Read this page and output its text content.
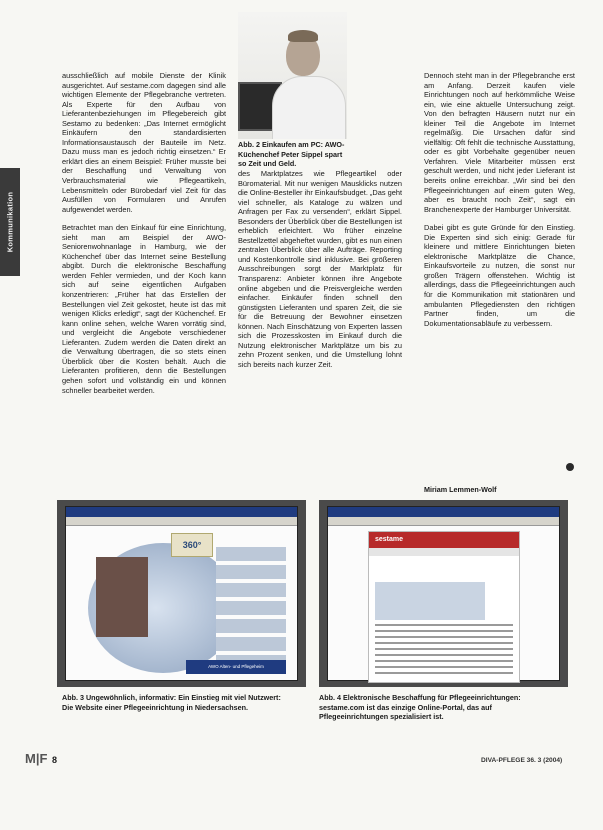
Kommunikation

ausschließlich auf mobile Dienste der Klinik ausgerichtet. Auf sestame.com dagegen sind alle wichtigen Elemente der Pflegebranche vertreten. Als Experte für den Aufbau von Lieferantenbeziehungen im Pflegebereich gibt Sestamo zu bedenken: „Das Internet ermöglicht Einkäufern den standardisierten Informationsaustausch der Bauteile im Netz. Dazu muss man es jedoch richtig einsetzen.“ Er erklärt dies an einem Beispiel: Früher musste bei der Beschaffung und Verwaltung von Verbrauchsmaterial wie Pflegeartikeln, Lebensmitteln oder Bürobedarf viel Zeit für das Ausfüllen von Formularen und Anrufen aufgewendet werden.

Betrachtet man den Einkauf für eine Einrichtung, sieht man am Beispiel der AWO-Seniorenwohnanlage in Hamburg, wie der Küchenchef über das Internet seine Bestellung abgibt. Durch die elektronische Beschaffung werden Fehler vermieden, und der Koch kann sich auf seine eigentlichen Aufgaben konzentrieren: „Früher hat das Erstellen der Bestellungen viel Zeit gekostet, heute ist das mit wenigen Klicks erledigt“, sagt der Küchenchef. Er kann online sehen, welche Waren vorrätig sind, und vergleicht die Angebote verschiedener Lieferanten. Zudem werden die Daten direkt an die Verwaltung übertragen, die so stets einen Überblick über die Kosten behält. Auch die Lieferanten profitieren, denn die Bestellungen gehen sofort und vollständig ein und können schneller bearbeitet werden.

Abb. 2 Einkaufen am PC: AWO-Küchenchef Peter Sippel spart so Zeit und Geld.

des Marktplatzes wie Pflegeartikel oder Büromaterial. Mit nur wenigen Mausklicks nutzen die Online-Besteller ihr Einkaufsbudget. „Das geht viel schneller, als Kataloge zu wälzen und Anfragen per Fax zu versenden“, erklärt Sippel. Besonders der Überblick über die Bestellungen ist erheblich erleichtert. Wo früher einzelne Bestellzettel abgeheftet wurden, gibt es nun einen zentralen Überblick über alle Aufträge. Reporting und Kostenkontrolle sind inklusive. Bei größeren Ausschreibungen sorgt der Marktplatz für Transparenz: Anbieter können ihre Angebote online abgeben und die Preisvergleiche werden einfacher. Einkäufer finden schnell den günstigsten Lieferanten und sparen Zeit, die sie für die Betreuung der Bewohner einsetzen können. Nach Einschätzung von Experten lassen sich die Prozesskosten im Einkauf durch die Nutzung elektronischer Marktplätze um bis zu zehn Prozent senken, und die Umstellung lohnt sich bereits nach kurzer Zeit.

Dennoch steht man in der Pflegebranche erst am Anfang. Derzeit kaufen viele Einrichtungen noch auf herkömmliche Weise ein, wie eine aktuelle Untersuchung zeigt. Von den befragten Häusern nutzt nur ein kleiner Teil die Angebote im Internet regelmäßig. Die Ursachen dafür sind vielfältig: Oft fehlt die technische Ausstattung, oder es gibt Vorbehalte gegenüber neuen Verfahren. Viele Mitarbeiter müssen erst geschult werden, und nicht jeder Lieferant ist bereits online erreichbar. „Wir sind bei den Pflegeeinrichtungen auf einem guten Weg, aber es braucht noch Zeit“, sagt ein Branchenexperte der Hamburger Universität.

Dabei gibt es gute Gründe für den Einstieg. Die Experten sind sich einig: Gerade für kleinere und mittlere Einrichtungen bieten elektronische Marktplätze die Chance, Einkaufsvorteile zu nutzen, die sonst nur großen Trägern offenstehen. Wichtig ist allerdings, dass die Pflegeeinrichtungen auch für die Kommunikation mit stationären und ambulanten Pflegediensten den richtigen Partner finden, um die Dokumentationsabläufe zu verbessern.

Miriam Lemmen-Wolf
360°
AWO Alten- und Pflegeheim
sestame

Abb. 3 Ungewöhnlich, informativ: Ein Einstieg mit viel Nutzwert: Die Website einer Pflegeeinrichtung in Niedersachsen.

Abb. 4 Elektronische Beschaffung für Pflegeeinrichtungen: sestame.com ist das einzige Online-Portal, das auf Pflegeeinrichtungen spezialisiert ist.

M|F 8	DIVA-PFLEGE 36. 3 (2004)
